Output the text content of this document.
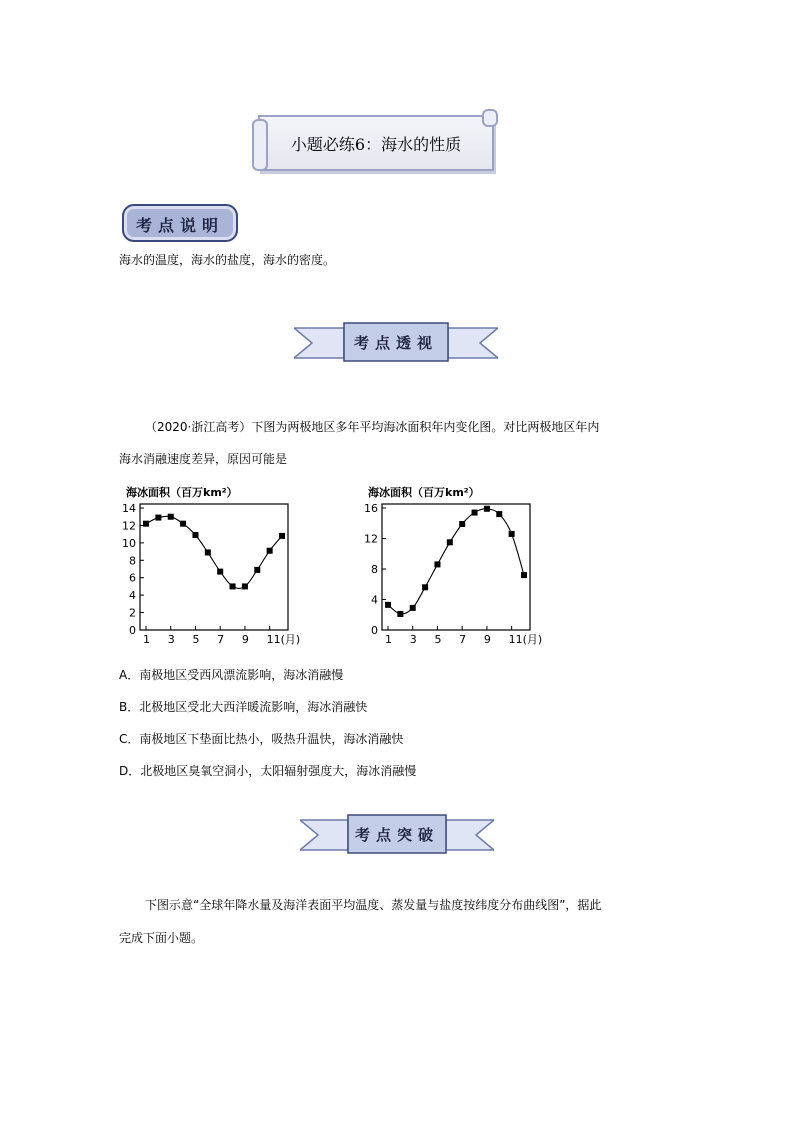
小题必练6：海水的性质
考点说明
海水的温度，海水的盐度，海水的密度。
考点透视
（2020·浙江高考）下图为两极地区多年平均海冰面积年内变化图。对比两极地区年内
海水消融速度差异，原因可能是
海冰面积（百万km²）
0
2
4
6
8
10
12
14
1 3 5 7 9 11(月)
海冰面积（百万km²）
0
4
8
12
16
1 3 5 7 9 11(月)
A．南极地区受西风漂流影响，海冰消融慢
B．北极地区受北大西洋暖流影响，海冰消融快
C．南极地区下垫面比热小，吸热升温快，海冰消融快
D．北极地区臭氧空洞小，太阳辐射强度大，海冰消融慢
考点突破
下图示意“全球年降水量及海洋表面平均温度、蒸发量与盐度按纬度分布曲线图”，据此
完成下面小题。
